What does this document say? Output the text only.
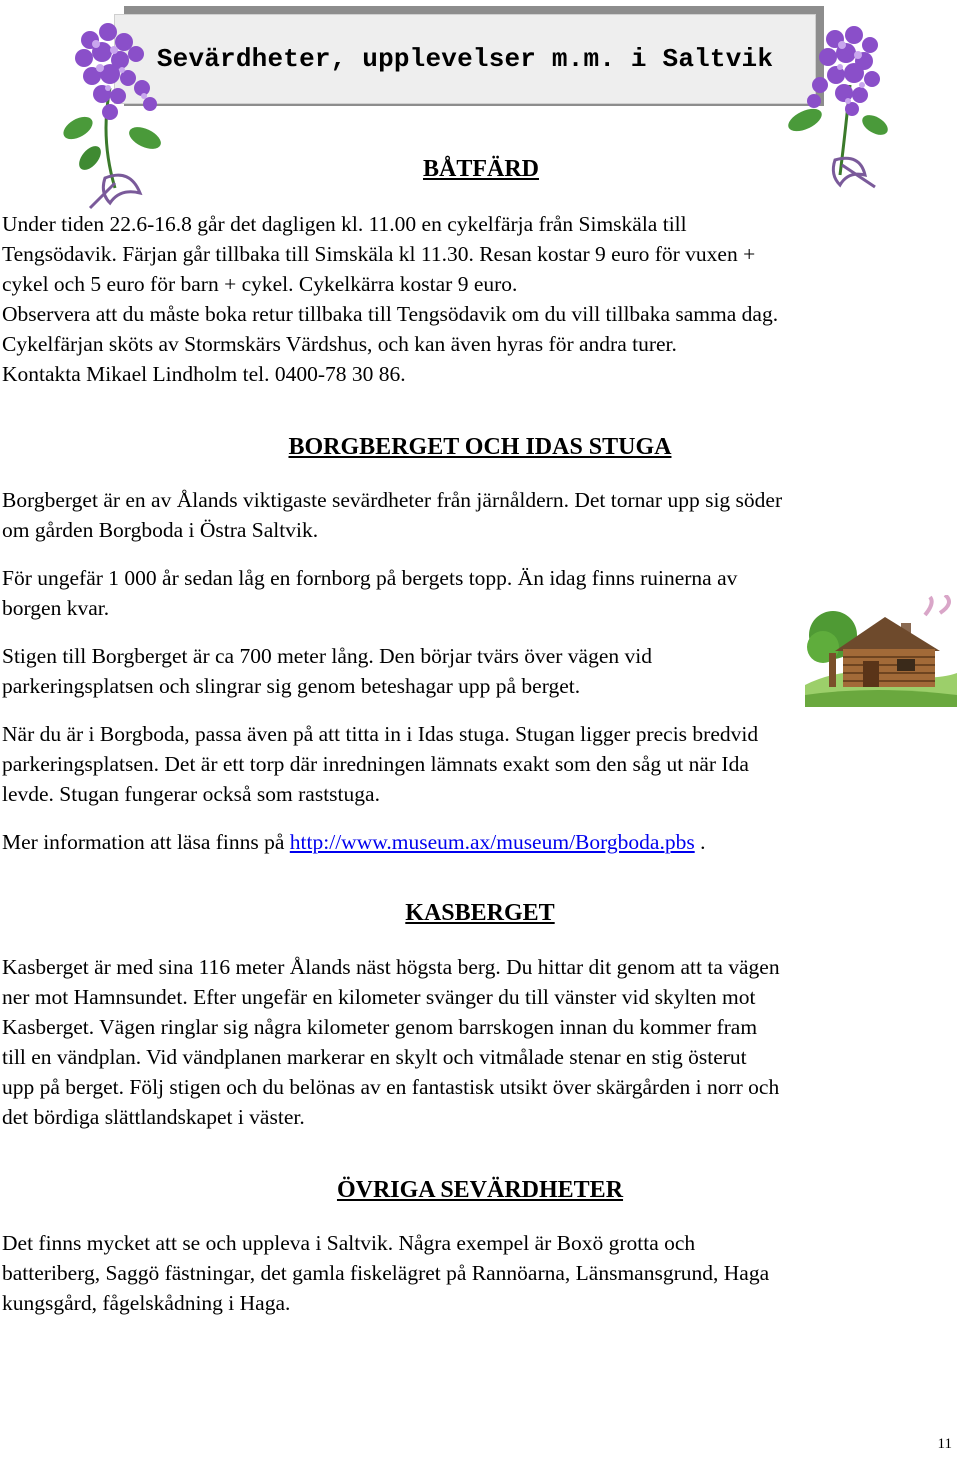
Sevärdheter, upplevelser m.m. i Saltvik
BÅTFÄRD

Under tiden 22.6-16.8 går det dagligen kl. 11.00 en cykelfärja från Simskäla till

Tengsödavik. Färjan går tillbaka till Simskäla kl 11.30. Resan kostar 9 euro för vuxen +

cykel och 5 euro för barn + cykel. Cykelkärra kostar 9 euro.

Observera att du måste boka retur tillbaka till Tengsödavik om du vill tillbaka samma dag.

Cykelfärjan sköts av Stormskärs Värdshus, och kan även hyras för andra turer.

Kontakta Mikael Lindholm tel. 0400-78 30 86.

BORGBERGET OCH IDAS STUGA

Borgberget är en av Ålands viktigaste sevärdheter från järnåldern. Det tornar upp sig söder

om gården Borgboda i Östra Saltvik.

För ungefär 1 000 år sedan låg en fornborg på bergets topp. Än idag finns ruinerna av

borgen kvar.

Stigen till Borgberget är ca 700 meter lång. Den börjar tvärs över vägen vid

parkeringsplatsen och slingrar sig genom beteshagar upp på berget.

När du är i Borgboda, passa även på att titta in i Idas stuga. Stugan ligger precis bredvid

parkeringsplatsen. Det är ett torp där inredningen lämnats exakt som den såg ut när Ida

levde. Stugan fungerar också som raststuga.

Mer information att läsa finns på http://www.museum.ax/museum/Borgboda.pbs .

KASBERGET

Kasberget är med sina 116 meter Ålands näst högsta berg. Du hittar dit genom att ta vägen

ner mot Hamnsundet. Efter ungefär en kilometer svänger du till vänster vid skylten mot

Kasberget. Vägen ringlar sig några kilometer genom barrskogen innan du kommer fram

till en vändplan. Vid vändplanen markerar en skylt och vitmålade stenar en stig österut

upp på berget. Följ stigen och du belönas av en fantastisk utsikt över skärgården i norr och

det bördiga slättlandskapet i väster.

ÖVRIGA SEVÄRDHETER

Det finns mycket att se och uppleva i Saltvik. Några exempel är Boxö grotta och

batteriberg, Saggö fästningar, det gamla fiskelägret på Rannöarna, Länsmansgrund, Haga

kungsgård, fågelskådning i Haga.

11
